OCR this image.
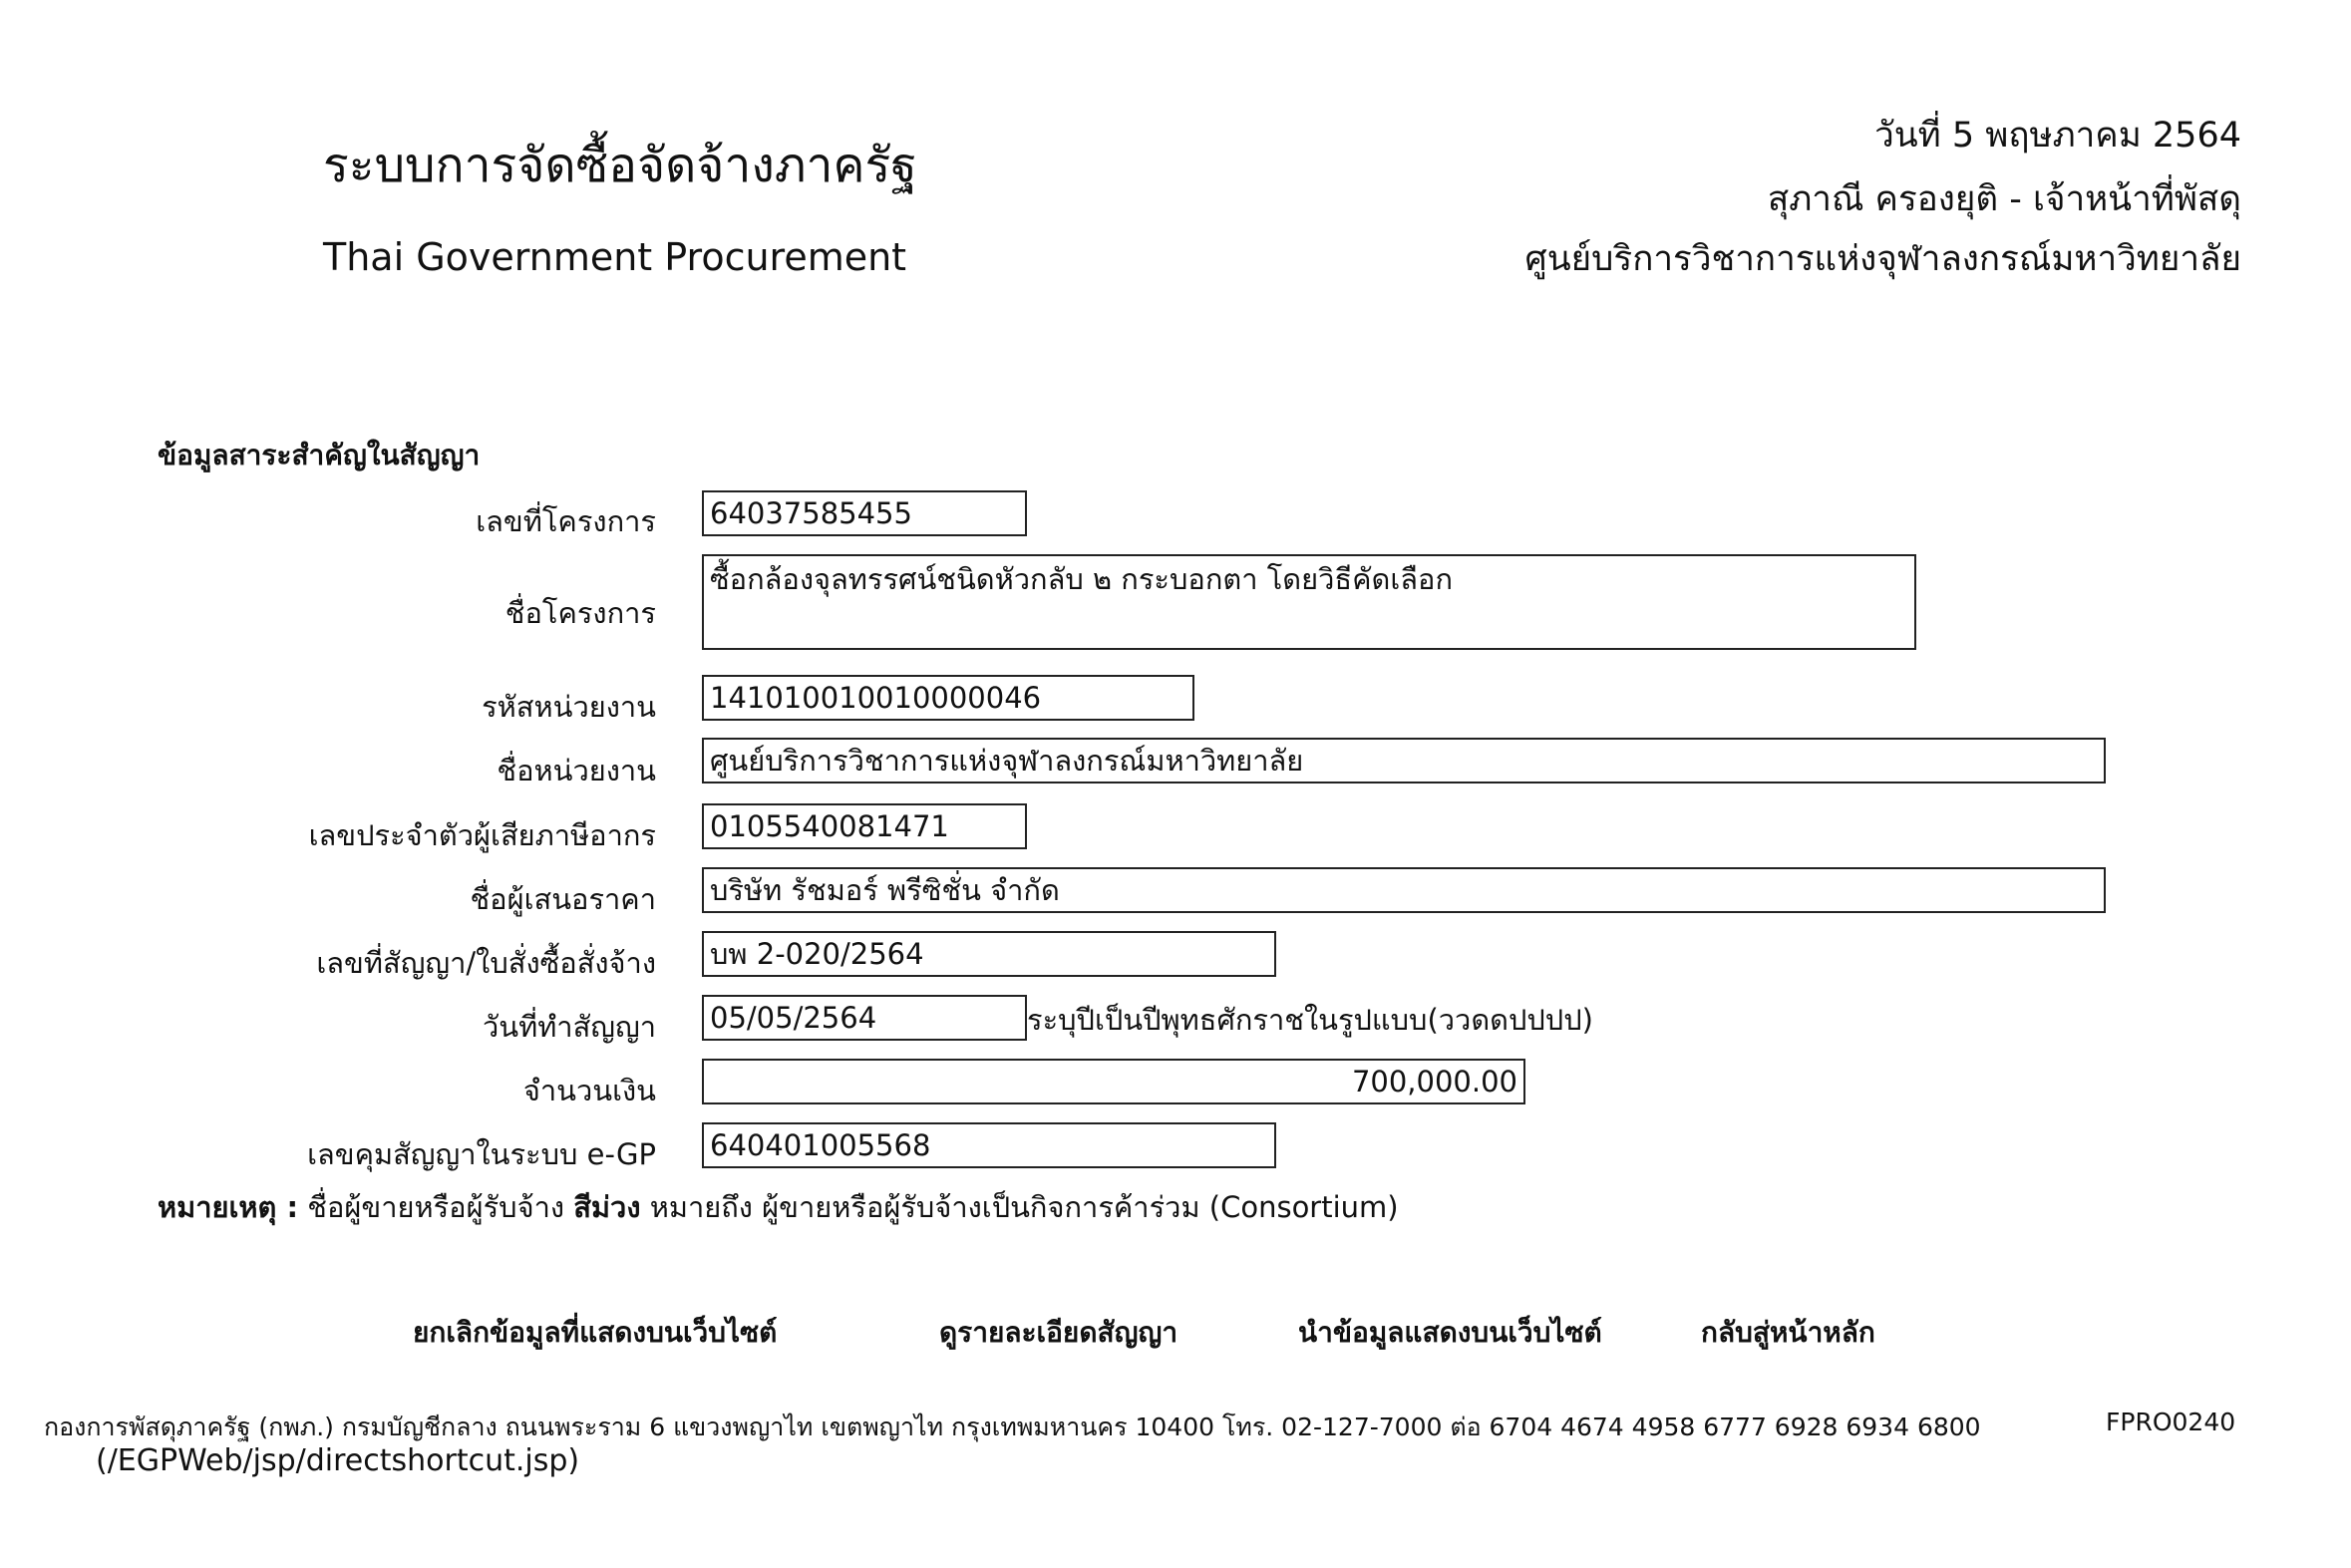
ระบบการจัดซื้อจัดจ้างภาครัฐ
Thai Government Procurement
วันที่ 5 พฤษภาคม 2564
สุภาณี ครองยุติ - เจ้าหน้าที่พัสดุ
ศูนย์บริการวิชาการแห่งจุฬาลงกรณ์มหาวิทยาลัย
ข้อมูลสาระสำคัญในสัญญา
เลขที่โครงการ 64037585455
ชื่อโครงการ
ซื้อกล้องจุลทรรศน์ชนิดหัวกลับ ๒ กระบอกตา โดยวิธีคัดเลือก
รหัสหน่วยงาน 141010010010000046
ชื่อหน่วยงาน ศูนย์บริการวิชาการแห่งจุฬาลงกรณ์มหาวิทยาลัย
เลขประจำตัวผู้เสียภาษีอากร 0105540081471
ชื่อผู้เสนอราคา บริษัท รัชมอร์ พรีซิชั่น จำกัด
เลขที่สัญญา/ใบสั่งซื้อสั่งจ้าง บพ 2-020/2564
วันที่ทำสัญญา 05/05/2564	ระบุปีเป็นปีพุทธศักราชในรูปแบบ(ววดดปปปป)
จำนวนเงิน	700,000.00
เลขคุมสัญญาในระบบ e-GP 640401005568
หมายเหตุ : ชื่อผู้ขายหรือผู้รับจ้าง สีม่วง หมายถึง ผู้ขายหรือผู้รับจ้างเป็นกิจการค้าร่วม (Consortium)
ยกเลิกข้อมูลที่แสดงบนเว็บไซต์	ดูรายละเอียดสัญญา	นำข้อมูลแสดงบนเว็บไซต์	กลับสู่หน้าหลัก
กองการพัสดุภาครัฐ (กพภ.) กรมบัญชีกลาง ถนนพระราม 6 แขวงพญาไท เขตพญาไท กรุงเทพมหานคร 10400 โทร. 02-127-7000 ต่อ 6704 4674 4958 6777 6928 6934 6800	FPRO0240
(/EGPWeb/jsp/directshortcut.jsp)
